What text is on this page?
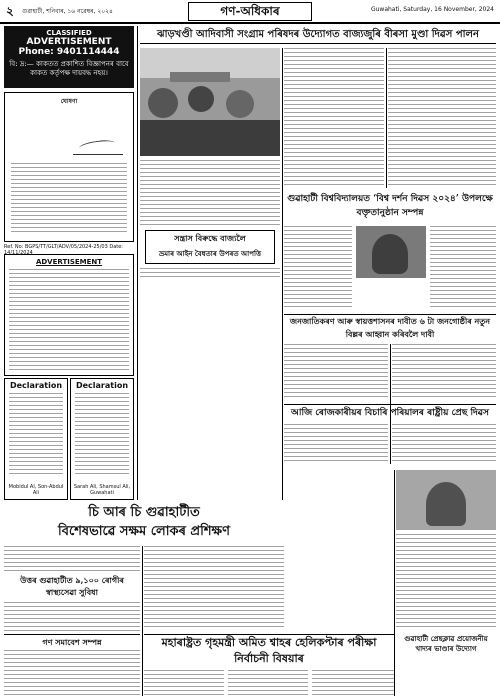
২ গুৱাহাটী, শনিবাৰ, ১৬ নৱেম্বৰ, ২০২৪	গণ-অধিকাৰ	Guwahati, Saturday, 16 November, 2024
CLASSIFIED
ADVERTISEMENT
Phone: 9401114444
বি: দ্র:— কাকতত প্ৰকাশিত বিজ্ঞাপনৰ বাবে কাকত কৰ্তৃপক্ষ দায়বদ্ধ নহয়।
ঘোষণা
Ref. No: BGPS/TT/GLT/ADV/05/2024-25/03 Date: 14/11/2024
ADVERTISEMENT
Declaration
Mobidul Al, Son-Abdul Ali
Declaration
Sarah Ali, Shamsul Ali, Guwahati
ঝাড়খণ্ডী আদিবাসী সংগ্ৰাম পৰিষদৰ উদ্যোগত বাজ্যজুৰি বীৰসা মুণ্ডা দিৱস পালন
সন্ত্ৰাস বিৰুদ্ধে বাজ্যলৈ
ভ্ৰমাৰ আইন বৈধতাৰ উপৰত আপত্তি
গুৱাহাটী বিশ্ববিদ্যালয়ত ‘বিশ্ব দৰ্শন দিৱস ২০২৪’ উপলক্ষে বক্তৃতানুষ্ঠান সম্পন্ন
জনজাতিকৰণ আৰু স্বায়ত্তশাসনৰ দাবীত ৬ টা জনগোষ্ঠীৰ নতুন বিল্লৰ আহ্বান কৰিবলৈ দাবী
আজি ৰোজকাৰীয়ৰ বিচাৰি পৰিয়ালৰ ৰাষ্ট্ৰীয় প্ৰেছ দিৱস
চি আৰ চি গুৱাহাটীত
বিশেষভাৱে সক্ষম লোকৰ প্ৰশিক্ষণ
উত্তৰ গুৱাহাটীত ৯,১০০ ৰোগীৰ স্বাস্থ্যসেৱা সুবিধা
গণ সমাবেশ সম্পন্ন	মহাৰাষ্ট্ৰত গৃহমন্ত্ৰী অমিত শ্বাহৰ হেলিকপ্টাৰ পৰীক্ষা নিৰ্বাচনী বিষয়াৰ
গুৱাহাটী প্ৰেছক্লাৱ প্ৰয়োজনীয় খাদ্যৰ ভাণ্ডাৰ উদ্যোগ
